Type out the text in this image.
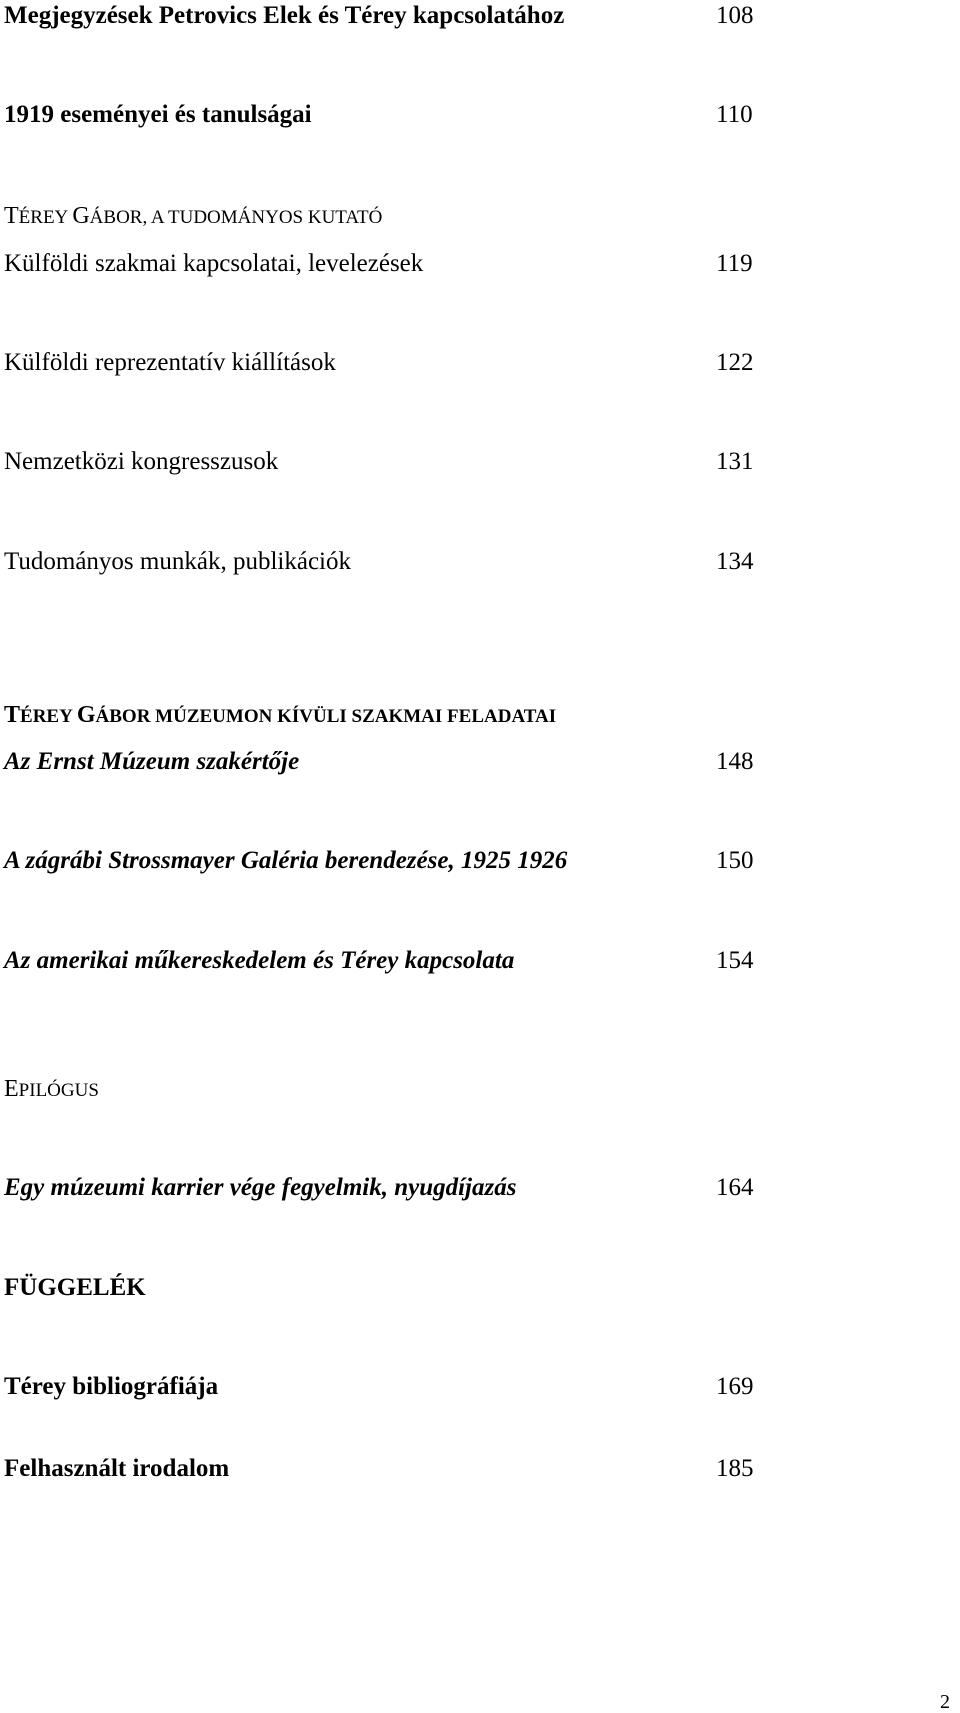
Megjegyzések Petrovics Elek és Térey kapcsolatához	108
1919 eseményei és tanulságai	110
TÉREY GÁBOR, A TUDOMÁNYOS KUTATÓ
Külföldi szakmai kapcsolatai, levelezések	119
Külföldi reprezentatív kiállítások	122
Nemzetközi kongresszusok	131
Tudományos munkák, publikációk	134
TÉREY GÁBOR MÚZEUMON KÍVÜLI SZAKMAI FELADATAI
Az Ernst Múzeum szakértője	148
A zágrábi Strossmayer Galéria berendezése, 1925 1926	150
Az amerikai műkereskedelem és Térey kapcsolata	154
EPILÓGUS
Egy múzeumi karrier vége fegyelmik, nyugdíjazás	164
FÜGGELÉK
Térey bibliográfiája	169
Felhasznált irodalom	185
2
